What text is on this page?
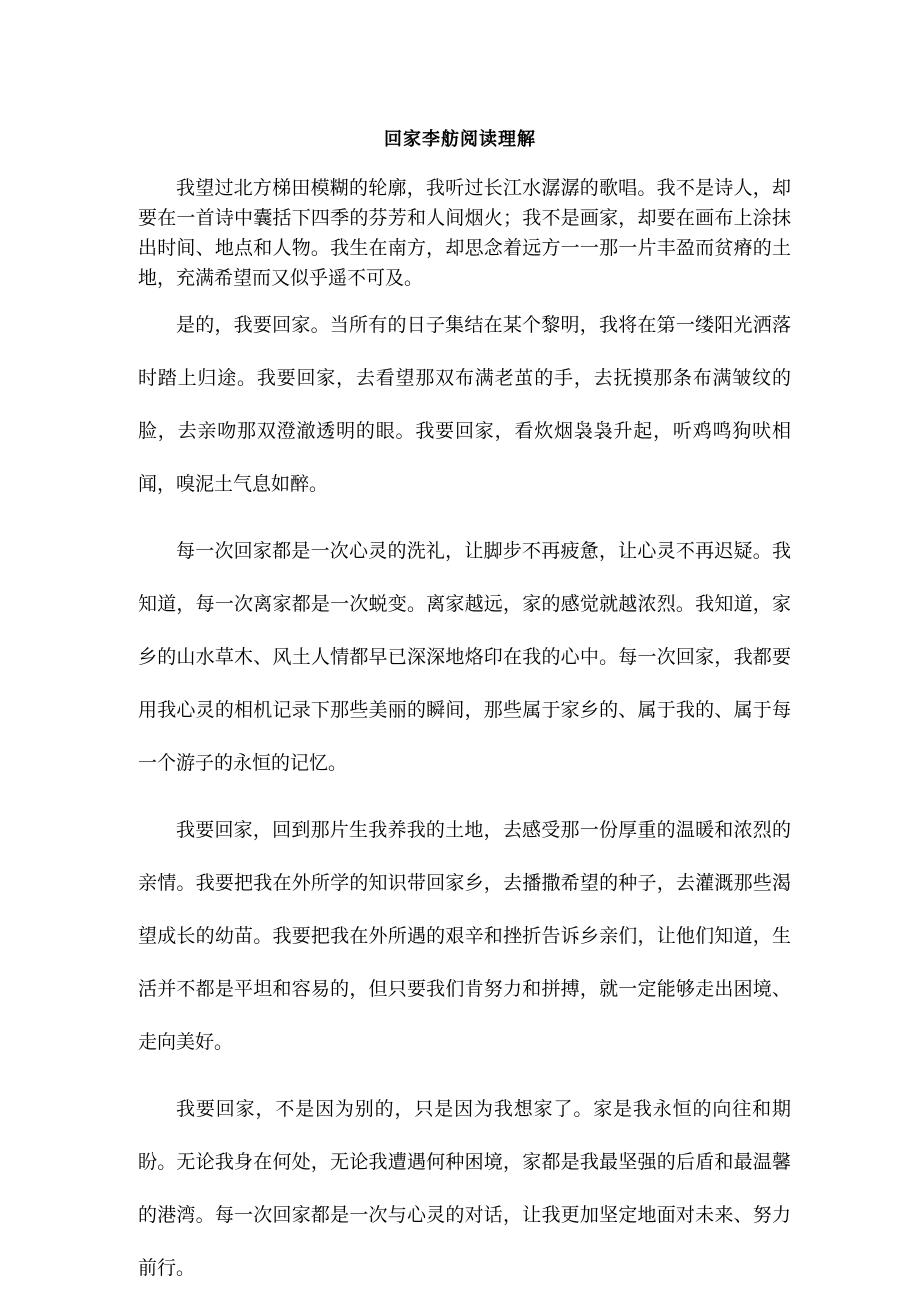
回家李舫阅读理解

我望过北方梯田模糊的轮廓，我听过长江水潺潺的歌唱。我不是诗人，却要在一首诗中囊括下四季的芬芳和人间烟火；我不是画家，却要在画布上涂抹出时间、地点和人物。我生在南方，却思念着远方一一那一片丰盈而贫瘠的土地，充满希望而又似乎遥不可及。

是的，我要回家。当所有的日子集结在某个黎明，我将在第一缕阳光洒落时踏上归途。我要回家，去看望那双布满老茧的手，去抚摸那条布满皱纹的脸，去亲吻那双澄澈透明的眼。我要回家，看炊烟袅袅升起，听鸡鸣狗吠相闻，嗅泥土气息如醉。

每一次回家都是一次心灵的洗礼，让脚步不再疲惫，让心灵不再迟疑。我知道，每一次离家都是一次蜕变。离家越远，家的感觉就越浓烈。我知道，家乡的山水草木、风土人情都早已深深地烙印在我的心中。每一次回家，我都要用我心灵的相机记录下那些美丽的瞬间，那些属于家乡的、属于我的、属于每一个游子的永恒的记忆。

我要回家，回到那片生我养我的土地，去感受那一份厚重的温暖和浓烈的亲情。我要把我在外所学的知识带回家乡，去播撒希望的种子，去灌溉那些渴望成长的幼苗。我要把我在外所遇的艰辛和挫折告诉乡亲们，让他们知道，生活并不都是平坦和容易的，但只要我们肯努力和拼搏，就一定能够走出困境、走向美好。

我要回家，不是因为别的，只是因为我想家了。家是我永恒的向往和期盼。无论我身在何处，无论我遭遇何种困境，家都是我最坚强的后盾和最温馨的港湾。每一次回家都是一次与心灵的对话，让我更加坚定地面对未来、努力前行。
